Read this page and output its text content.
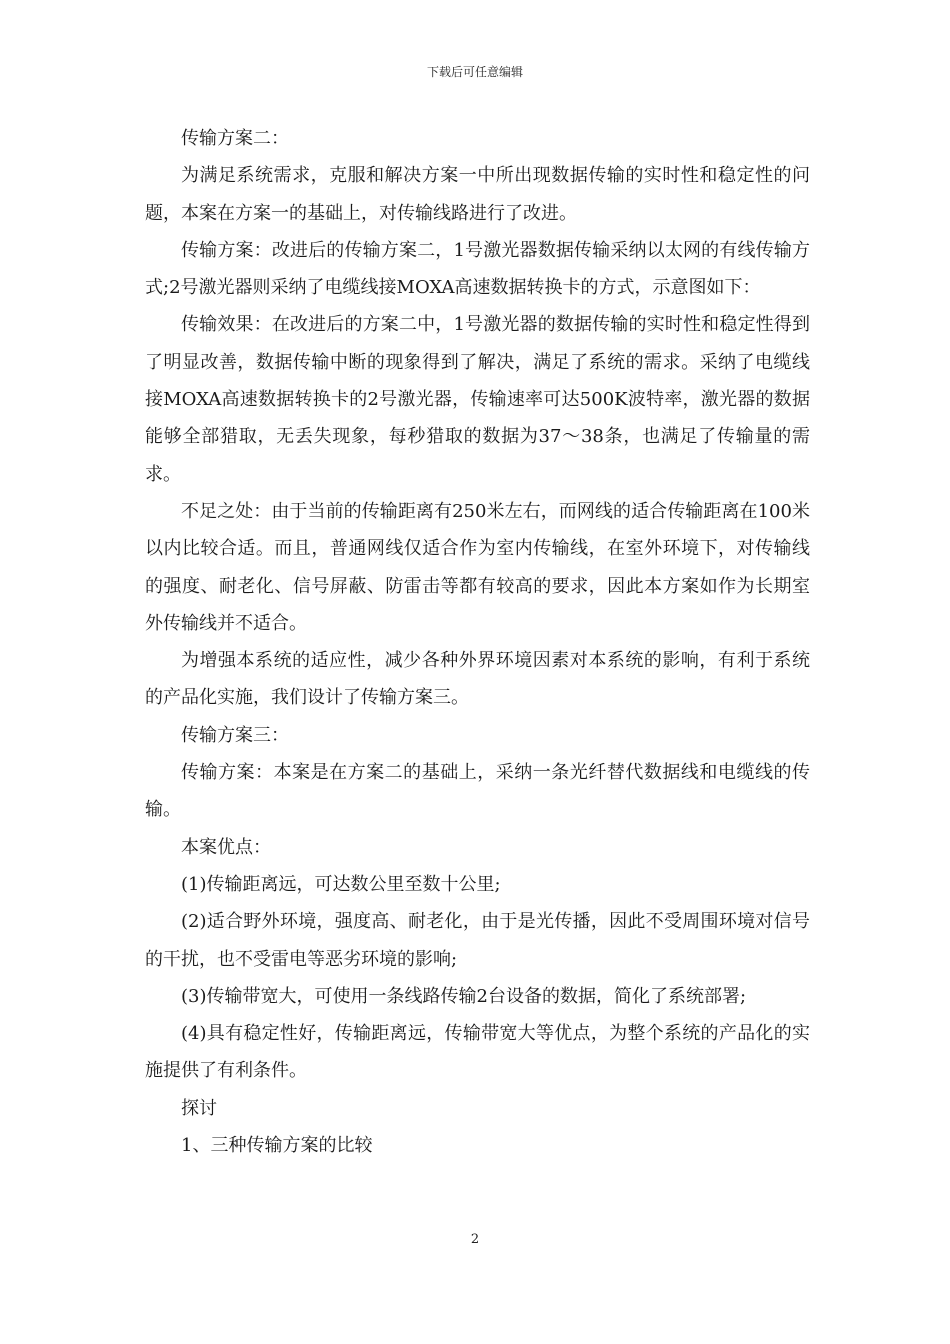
下载后可任意编辑

传输方案二：

为满足系统需求，克服和解决方案一中所出现数据传输的实时性和稳定性的问题，本案在方案一的基础上，对传输线路进行了改进。

传输方案：改进后的传输方案二，1号激光器数据传输采纳以太网的有线传输方式;2号激光器则采纳了电缆线接MOXA高速数据转换卡的方式，示意图如下：

传输效果：在改进后的方案二中，1号激光器的数据传输的实时性和稳定性得到了明显改善，数据传输中断的现象得到了解决，满足了系统的需求。采纳了电缆线接MOXA高速数据转换卡的2号激光器，传输速率可达500K波特率，激光器的数据能够全部猎取，无丢失现象，每秒猎取的数据为37～38条，也满足了传输量的需求。

不足之处：由于当前的传输距离有250米左右，而网线的适合传输距离在100米以内比较合适。而且，普通网线仅适合作为室内传输线，在室外环境下，对传输线的强度、耐老化、信号屏蔽、防雷击等都有较高的要求，因此本方案如作为长期室外传输线并不适合。

为增强本系统的适应性，减少各种外界环境因素对本系统的影响，有利于系统的产品化实施，我们设计了传输方案三。

传输方案三：

传输方案：本案是在方案二的基础上，采纳一条光纤替代数据线和电缆线的传输。

本案优点：

(1)传输距离远，可达数公里至数十公里;

(2)适合野外环境，强度高、耐老化，由于是光传播，因此不受周围环境对信号的干扰，也不受雷电等恶劣环境的影响;

(3)传输带宽大，可使用一条线路传输2台设备的数据，简化了系统部署;

(4)具有稳定性好，传输距离远，传输带宽大等优点，为整个系统的产品化的实施提供了有利条件。

探讨

1、三种传输方案的比较

2
